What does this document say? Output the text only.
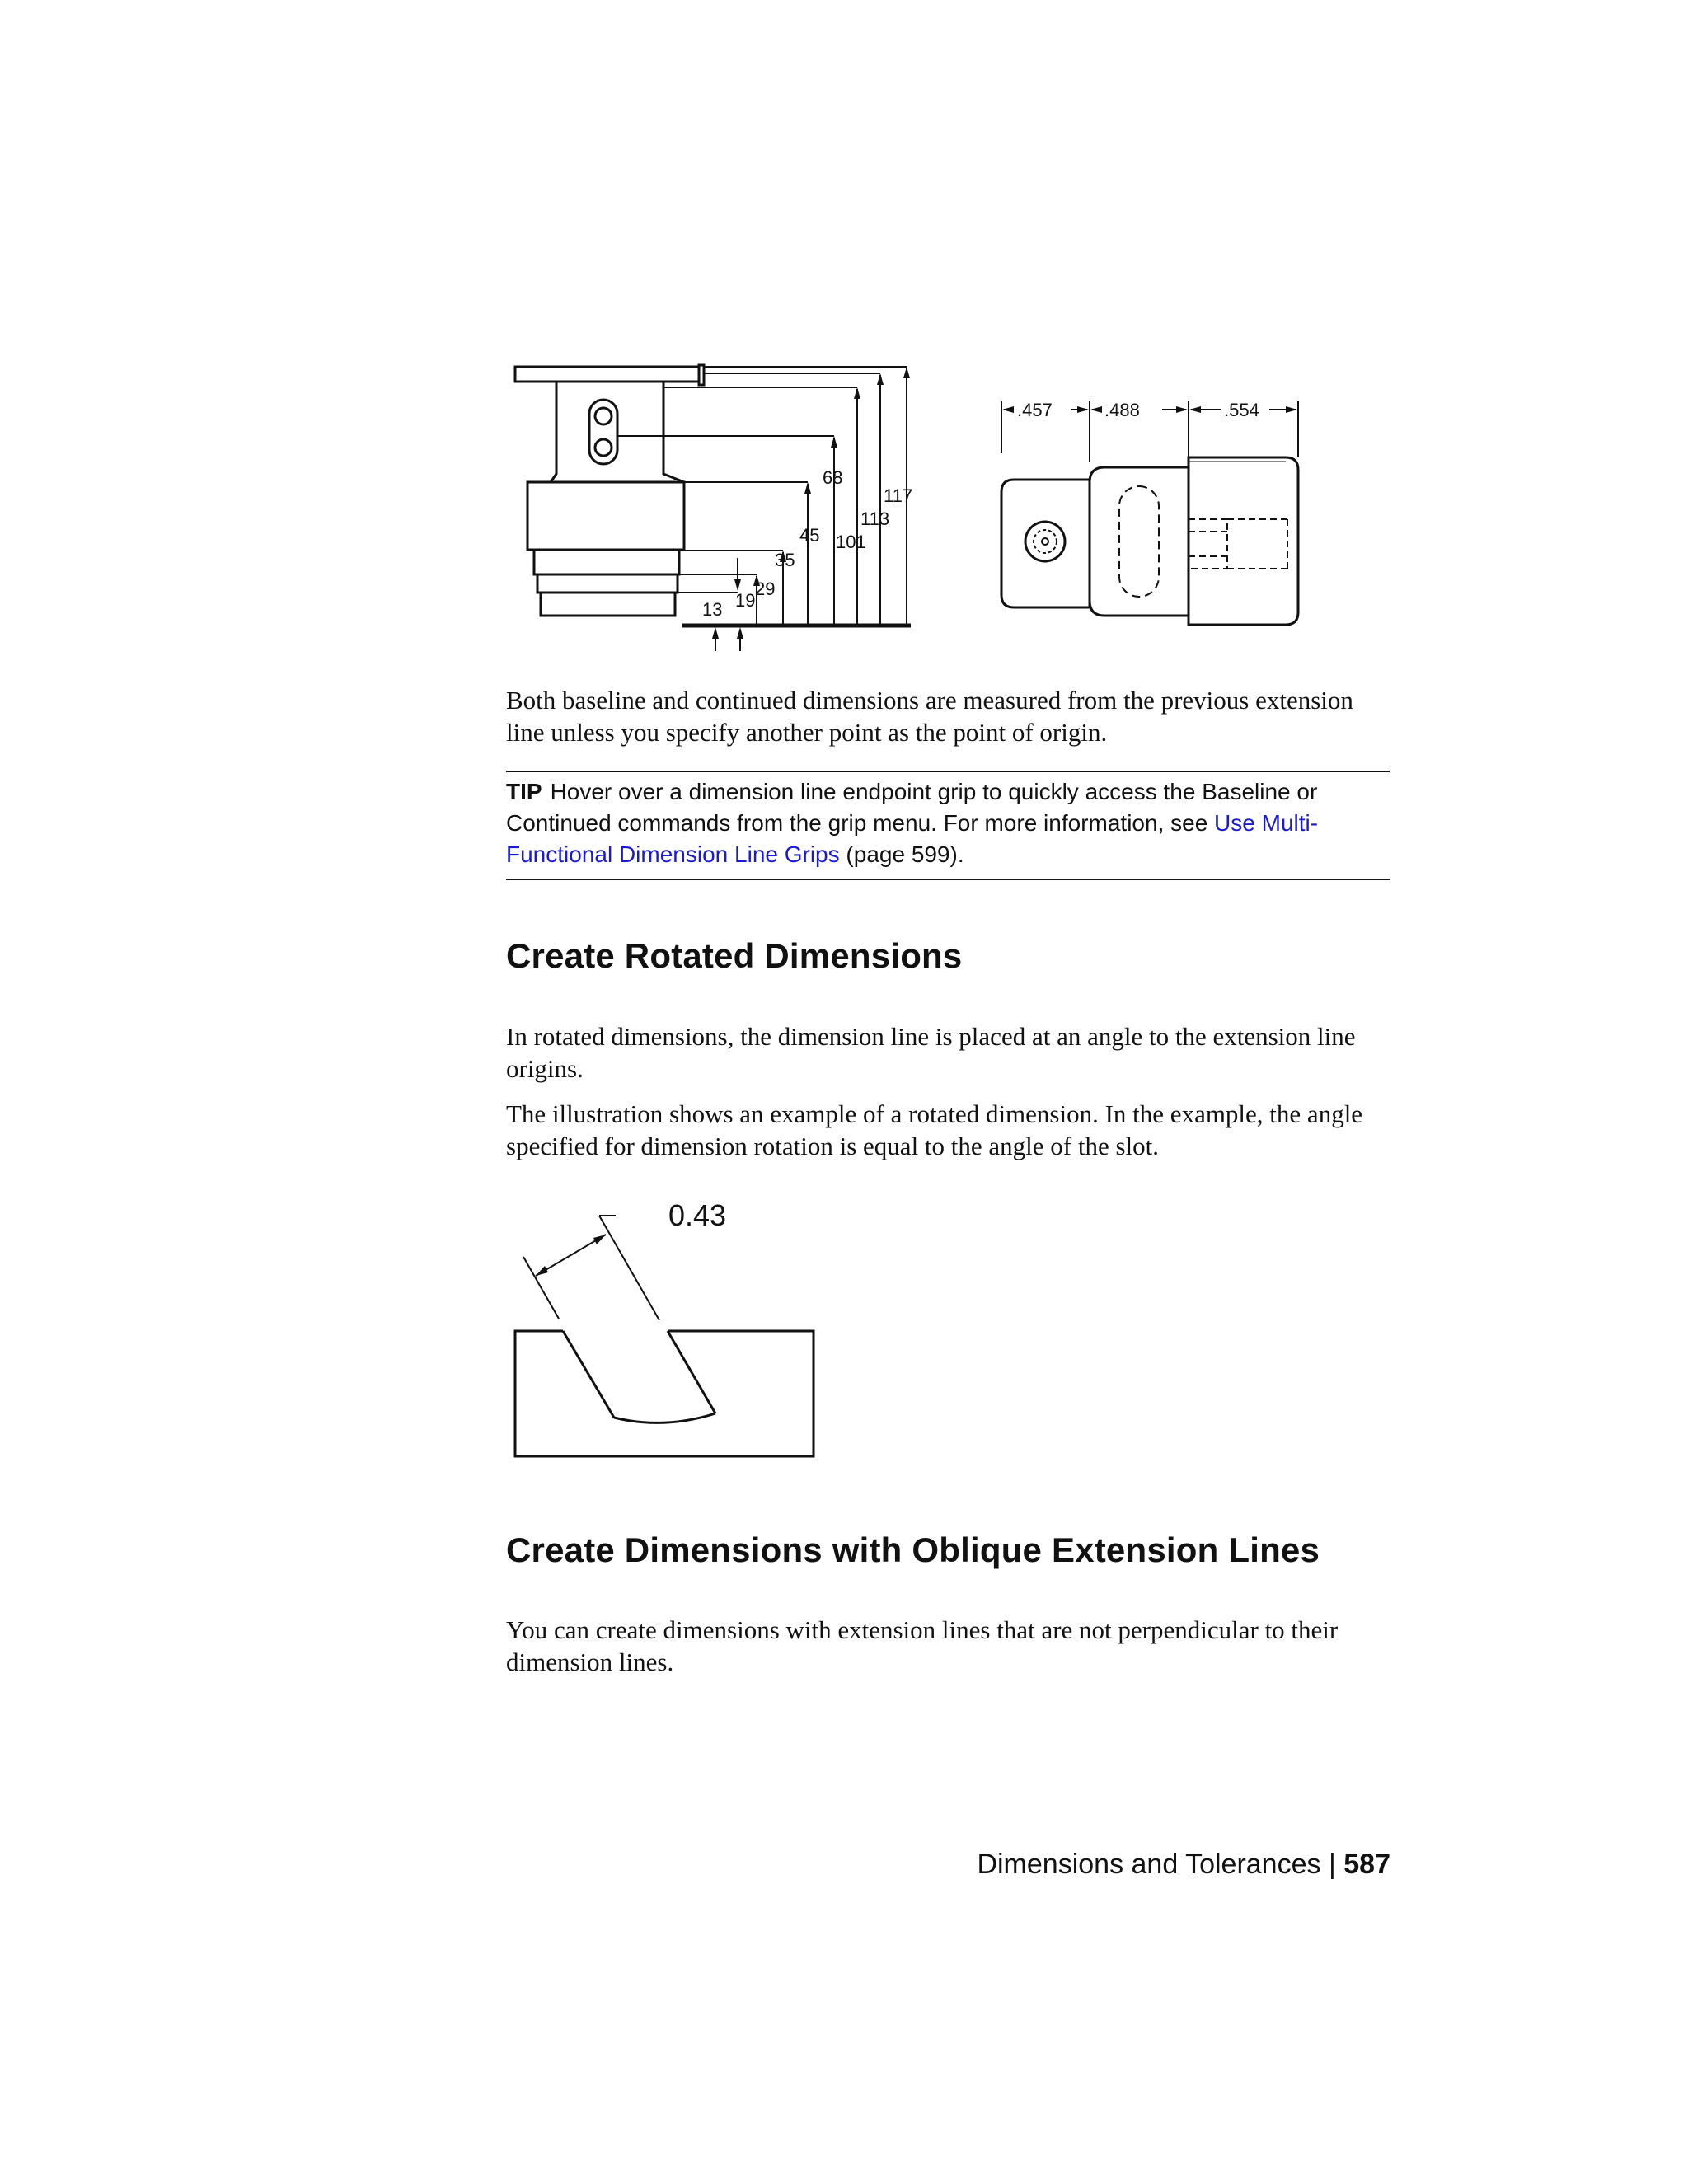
68
117
113
45 101
35
29
19
13
.457	.488	.554

Both baseline and continued dimensions are measured from the previous extension line unless you specify another point as the point of origin.

TIP Hover over a dimension line endpoint grip to quickly access the Baseline or Continued commands from the grip menu. For more information, see Use Multi-Functional Dimension Line Grips (page 599).
Create Rotated Dimensions

In rotated dimensions, the dimension line is placed at an angle to the extension line origins.

The illustration shows an example of a rotated dimension. In the example, the angle specified for dimension rotation is equal to the angle of the slot.

0.43
Create Dimensions with Oblique Extension Lines

You can create dimensions with extension lines that are not perpendicular to their dimension lines.

Dimensions and Tolerances | 587
